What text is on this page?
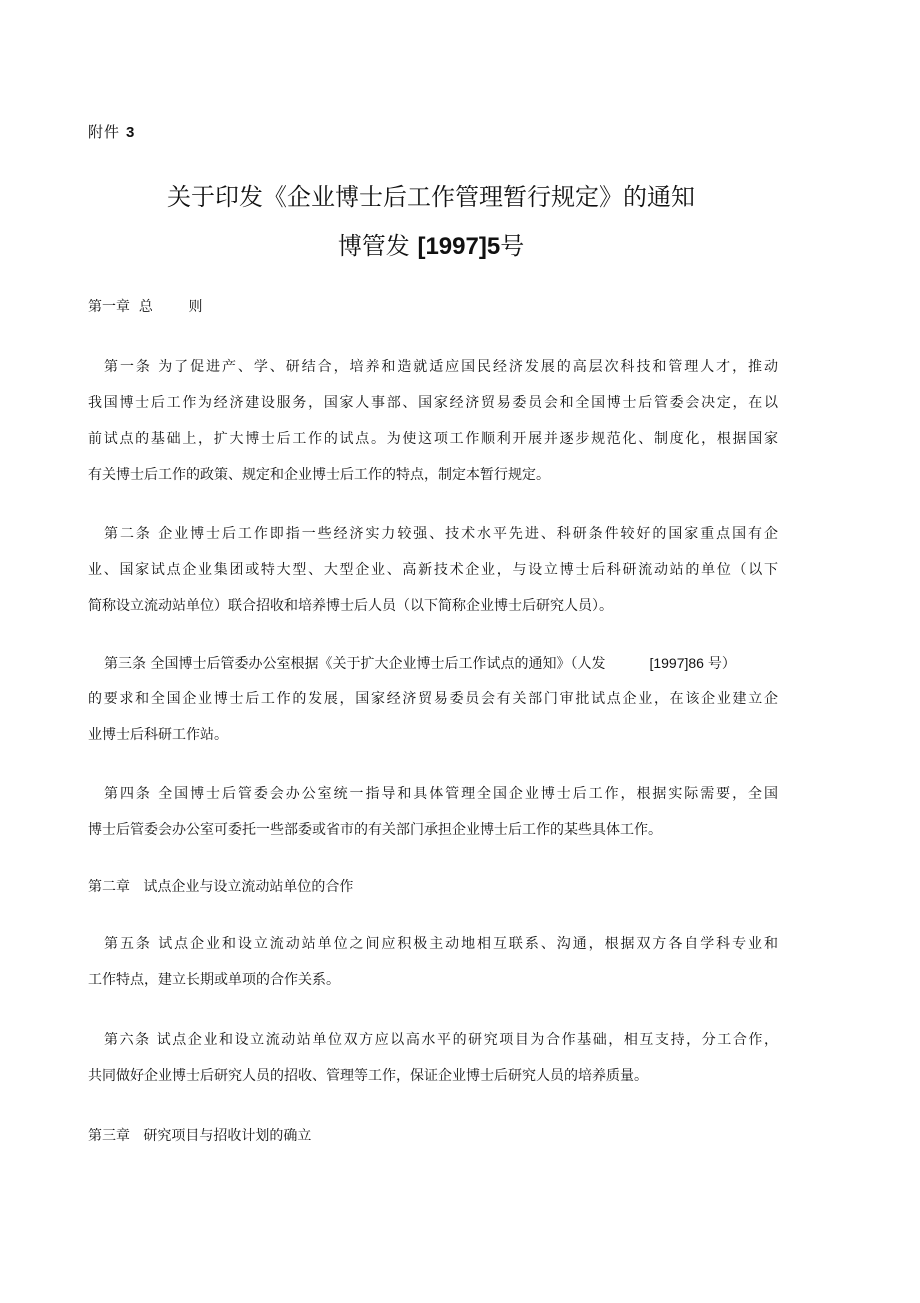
附件 3
关于印发《企业博士后工作管理暂行规定》的通知
博管发 [1997]5号
第一章  总        则
第一条 为了促进产、学、研结合，培养和造就适应国民经济发展的高层次科技和管理人才，推动
我国博士后工作为经济建设服务，国家人事部、国家经济贸易委员会和全国博士后管委会决定，在以
前试点的基础上，扩大博士后工作的试点。为使这项工作顺利开展并逐步规范化、制度化，根据国家
有关博士后工作的政策、规定和企业博士后工作的特点，制定本暂行规定。
第二条 企业博士后工作即指一些经济实力较强、技术水平先进、科研条件较好的国家重点国有企
业、国家试点企业集团或特大型、大型企业、高新技术企业，与设立博士后科研流动站的单位（以下
简称设立流动站单位）联合招收和培养博士后人员（以下简称企业博士后研究人员）。
第三条 全国博士后管委办公室根据《关于扩大企业博士后工作试点的通知》（人发	[1997]86 号）
的要求和全国企业博士后工作的发展，国家经济贸易委员会有关部门审批试点企业，在该企业建立企
业博士后科研工作站。
第四条 全国博士后管委会办公室统一指导和具体管理全国企业博士后工作，根据实际需要，全国
博士后管委会办公室可委托一些部委或省市的有关部门承担企业博士后工作的某些具体工作。
第二章   试点企业与设立流动站单位的合作
第五条 试点企业和设立流动站单位之间应积极主动地相互联系、沟通，根据双方各自学科专业和
工作特点，建立长期或单项的合作关系。
第六条 试点企业和设立流动站单位双方应以高水平的研究项目为合作基础，相互支持，分工合作，
共同做好企业博士后研究人员的招收、管理等工作，保证企业博士后研究人员的培养质量。
第三章   研究项目与招收计划的确立
